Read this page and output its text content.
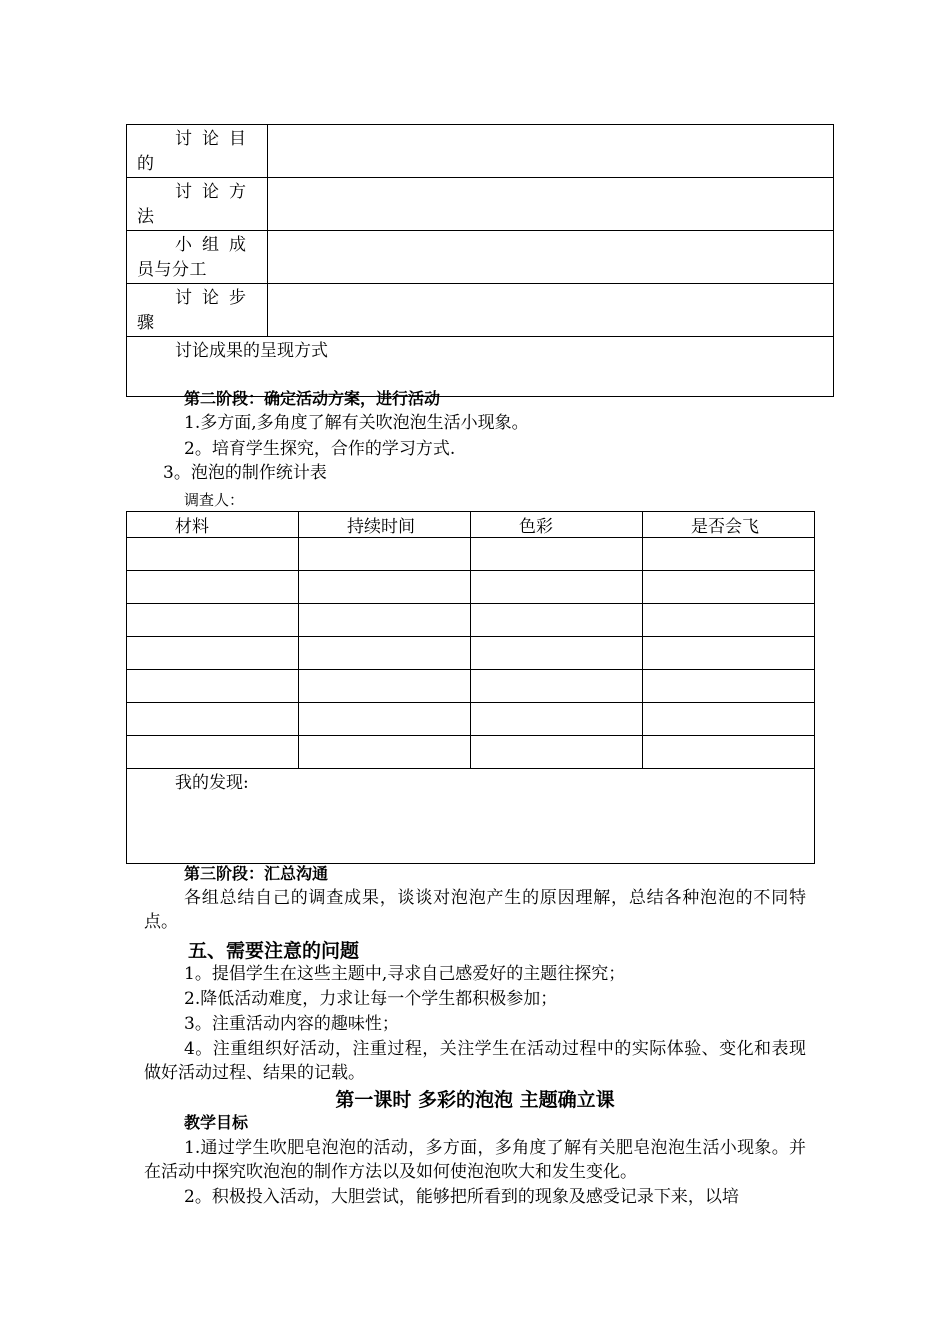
讨论目
的	

讨论方
法	

小组成
员与分工	

讨论步
骤	
讨论成果的呈现方式	
第二阶段：确定活动方案，进行活动
1.多方面,多角度了解有关吹泡泡生活小现象。
2。培育学生探究，合作的学习方式.
3。泡泡的制作统计表
调查人：
材料	持续时间	色彩	是否会飞

我的发现:			
第三阶段：汇总沟通
各组总结自己的调查成果，谈谈对泡泡产生的原因理解，总结各种泡泡的不同特点。
五、需要注意的问题
1。提倡学生在这些主题中,寻求自己感爱好的主题往探究；
2.降低活动难度，力求让每一个学生都积极参加；
3。注重活动内容的趣味性；
4。注重组织好活动，注重过程，关注学生在活动过程中的实际体验、变化和表现做好活动过程、结果的记载。
第一课时 多彩的泡泡 主题确立课
教学目标
1.通过学生吹肥皂泡泡的活动，多方面，多角度了解有关肥皂泡泡生活小现象。并在活动中探究吹泡泡的制作方法以及如何使泡泡吹大和发生变化。
2。积极投入活动，大胆尝试，能够把所看到的现象及感受记录下来，以培
